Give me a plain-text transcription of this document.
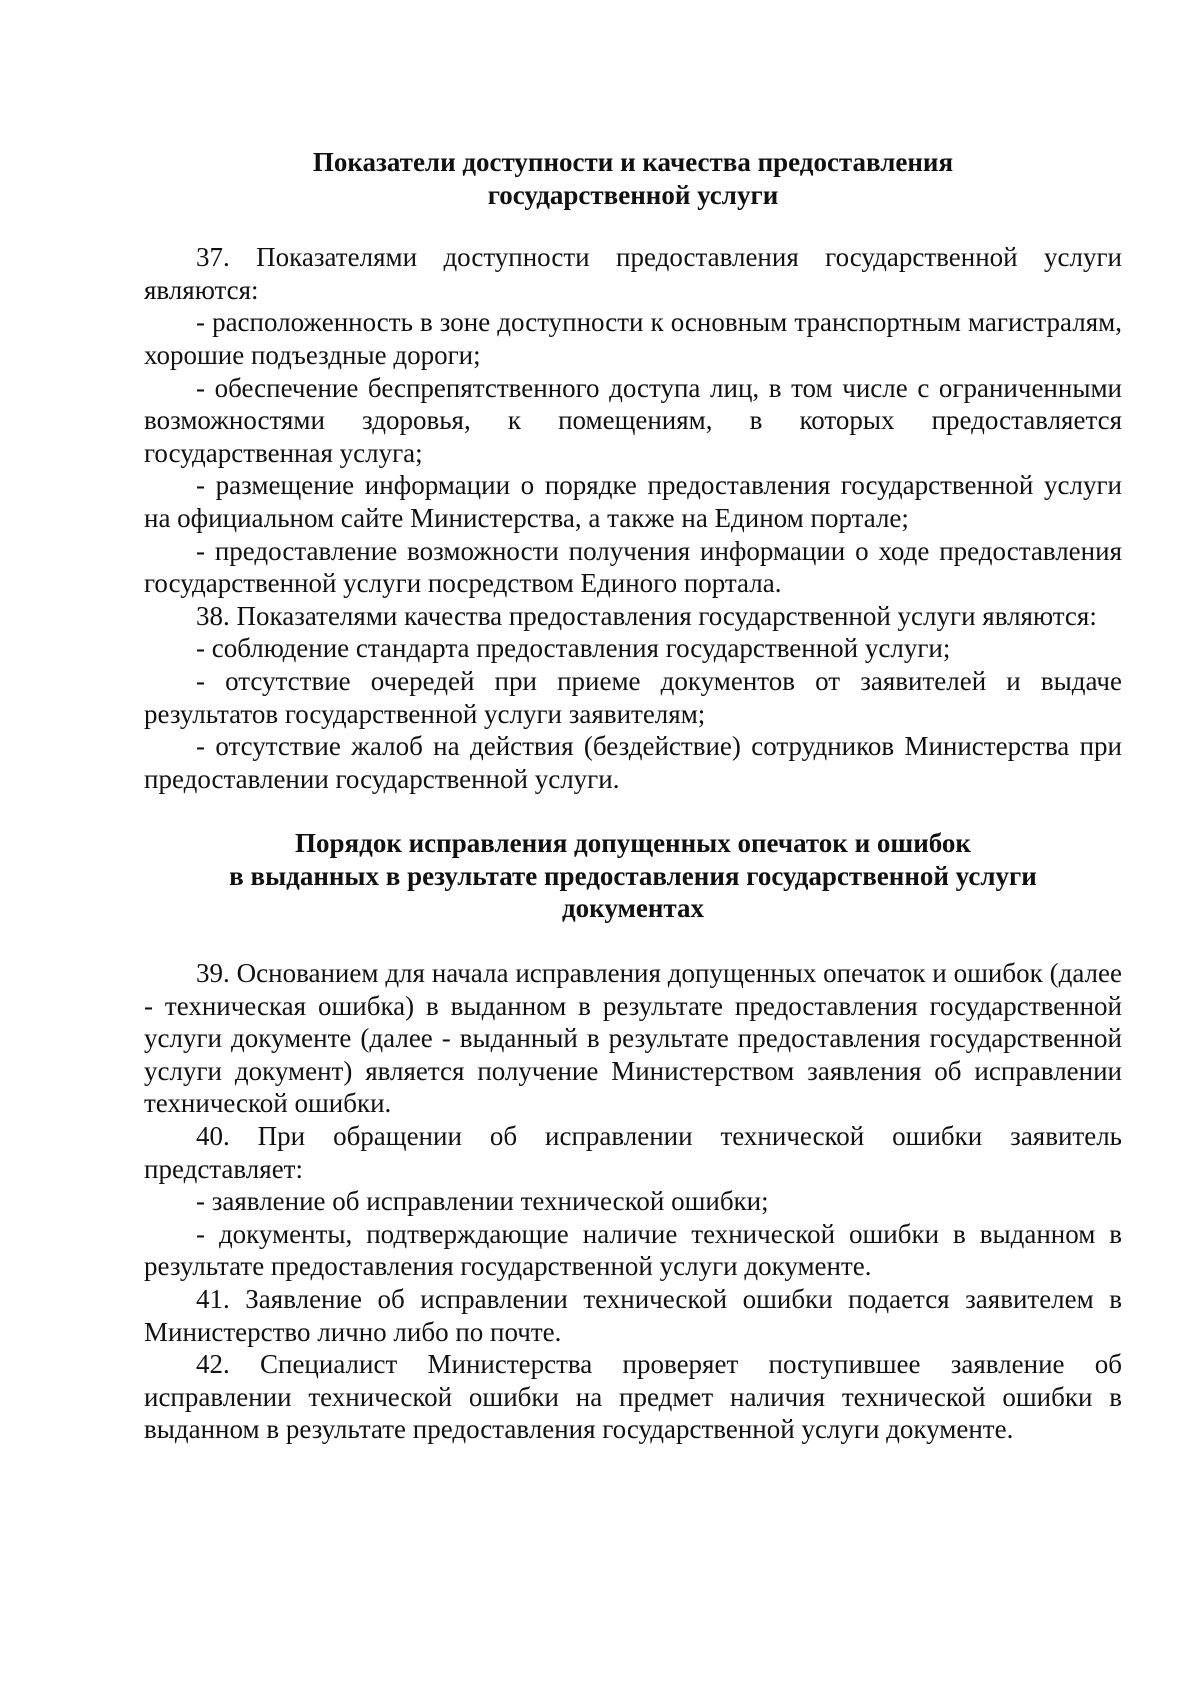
Показатели доступности и качества предоставления
государственной услуги

37. Показателями доступности предоставления государственной услуги являются:

- расположенность в зоне доступности к основным транспортным магистралям, хорошие подъездные дороги;

- обеспечение беспрепятственного доступа лиц, в том числе с ограниченными возможностями здоровья, к помещениям, в которых предоставляется государственная услуга;

- размещение информации о порядке предоставления государственной услуги на официальном сайте Министерства, а также на Едином портале;

- предоставление возможности получения информации о ходе предоставления государственной услуги посредством Единого портала.

38. Показателями качества предоставления государственной услуги являются:

- соблюдение стандарта предоставления государственной услуги;

- отсутствие очередей при приеме документов от заявителей и выдаче результатов государственной услуги заявителям;

- отсутствие жалоб на действия (бездействие) сотрудников Министерства при предоставлении государственной услуги.

Порядок исправления допущенных опечаток и ошибок
в выданных в результате предоставления государственной услуги
документах

39. Основанием для начала исправления допущенных опечаток и ошибок (далее - техническая ошибка) в выданном в результате предоставления государственной услуги документе (далее - выданный в результате предоставления государственной услуги документ) является получение Министерством заявления об исправлении технической ошибки.

40. При обращении об исправлении технической ошибки заявитель представляет:

- заявление об исправлении технической ошибки;

- документы, подтверждающие наличие технической ошибки в выданном в результате предоставления государственной услуги документе.

41. Заявление об исправлении технической ошибки подается заявителем в Министерство лично либо по почте.

42. Специалист Министерства проверяет поступившее заявление об исправлении технической ошибки на предмет наличия технической ошибки в выданном в результате предоставления государственной услуги документе.
